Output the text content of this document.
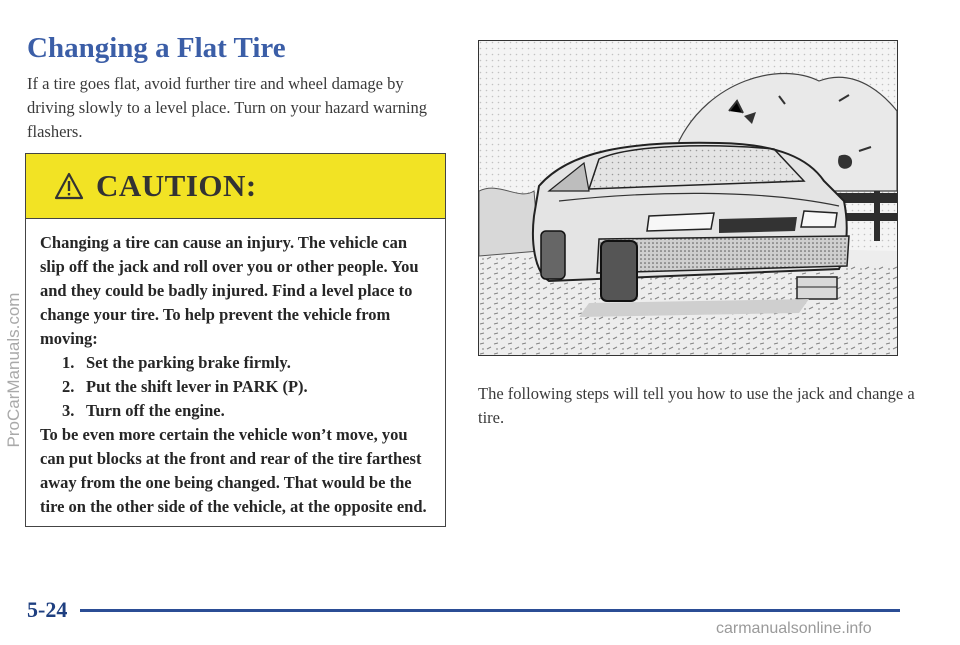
Changing a Flat Tire

If a tire goes flat, avoid further tire and wheel damage by driving slowly to a level place. Turn on your hazard warning flashers.

CAUTION:

Changing a tire can cause an injury. The vehicle can slip off the jack and roll over you or other people. You and they could be badly injured. Find a level place to change your tire. To help prevent the vehicle from moving:

1. Set the parking brake firmly.
2. Put the shift lever in PARK (P).
3. Turn off the engine.

To be even more certain the vehicle won’t move, you can put blocks at the front and rear of the tire farthest away from the one being changed. That would be the tire on the other side of the vehicle, at the opposite end.

The following steps will tell you how to use the jack and change a tire.

5-24
ProCarManuals.com
carmanualsonline.info
